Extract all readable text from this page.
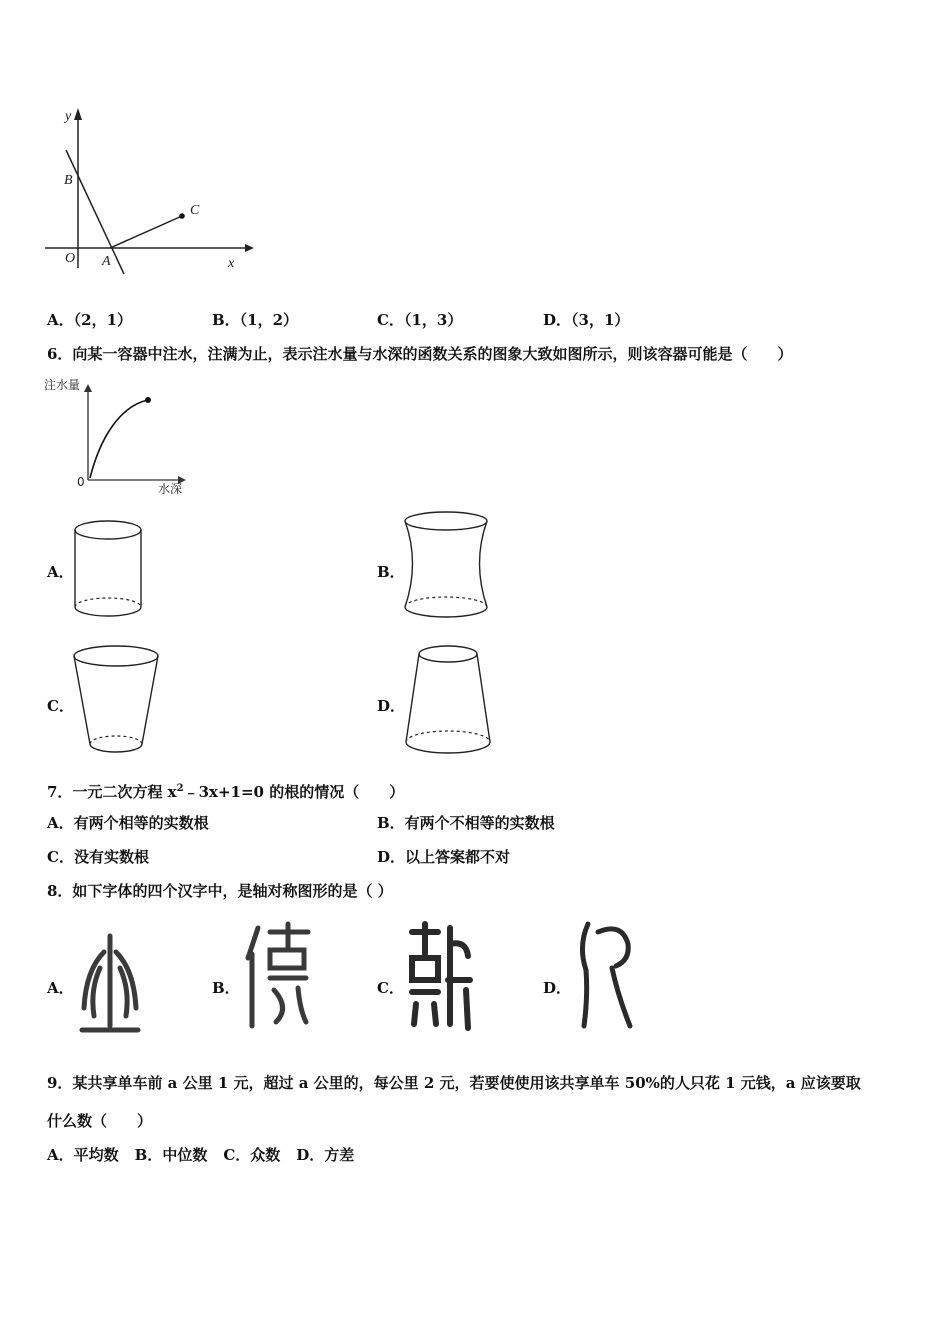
y
x
O
B
A
C
A．（2，1）	B．（1，2）	C．（1，3）	D．（3，1）
6．向某一容器中注水，注满为止，表示注水量与水深的函数关系的图象大致如图所示，则该容器可能是（　　）
注水量
水深
0
A．	B．
C．	D．
7．一元二次方程 $x^2﹣3x+1=0$ 的根的情况（　　）
A．有两个相等的实数根	B．有两个不相等的实数根
C．没有实数根	D．以上答案都不对
8．如下字体的四个汉字中，是轴对称图形的是（ ）
A．	B．	C．	D．
9．某共享单车前 a 公里 1 元，超过 a 公里的，每公里 2 元，若要使使用该共享单车 50%的人只花 1 元钱，a 应该要取
什么数（　　）
A．平均数 B．中位数 C．众数 D．方差
